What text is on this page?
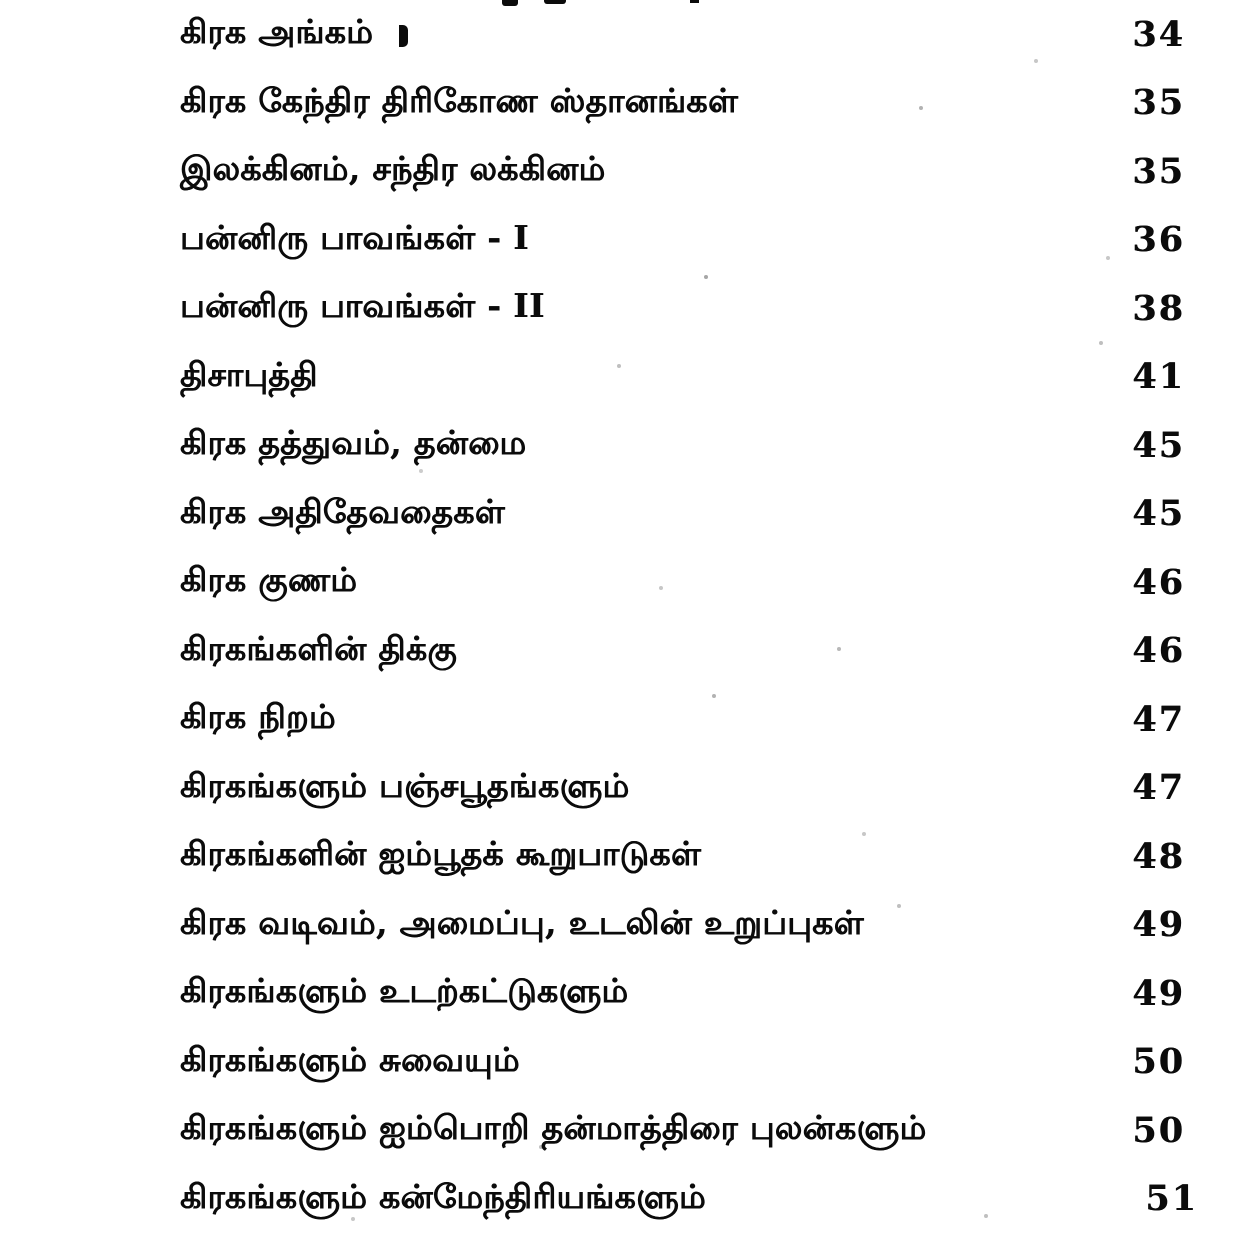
கிரக அங்கம்	34
கிரக கேந்திர திரிகோண ஸ்தானங்கள்	35
இலக்கினம், சந்திர லக்கினம்	35
பன்னிரு பாவங்கள் - I	36
பன்னிரு பாவங்கள் - II	38
திசாபுத்தி	41
கிரக தத்துவம், தன்மை	45
கிரக அதிதேவதைகள்	45
கிரக குணம்	46
கிரகங்களின் திக்கு	46
கிரக நிறம்	47
கிரகங்களும் பஞ்சபூதங்களும்	47
கிரகங்களின் ஐம்பூதக் கூறுபாடுகள்	48
கிரக வடிவம், அமைப்பு, உடலின் உறுப்புகள்	49
கிரகங்களும் உடற்கட்டுகளும்	49
கிரகங்களும் சுவையும்	50
கிரகங்களும் ஐம்பொறி தன்மாத்திரை புலன்களும்	50
கிரகங்களும் கன்மேந்திரியங்களும்	51
